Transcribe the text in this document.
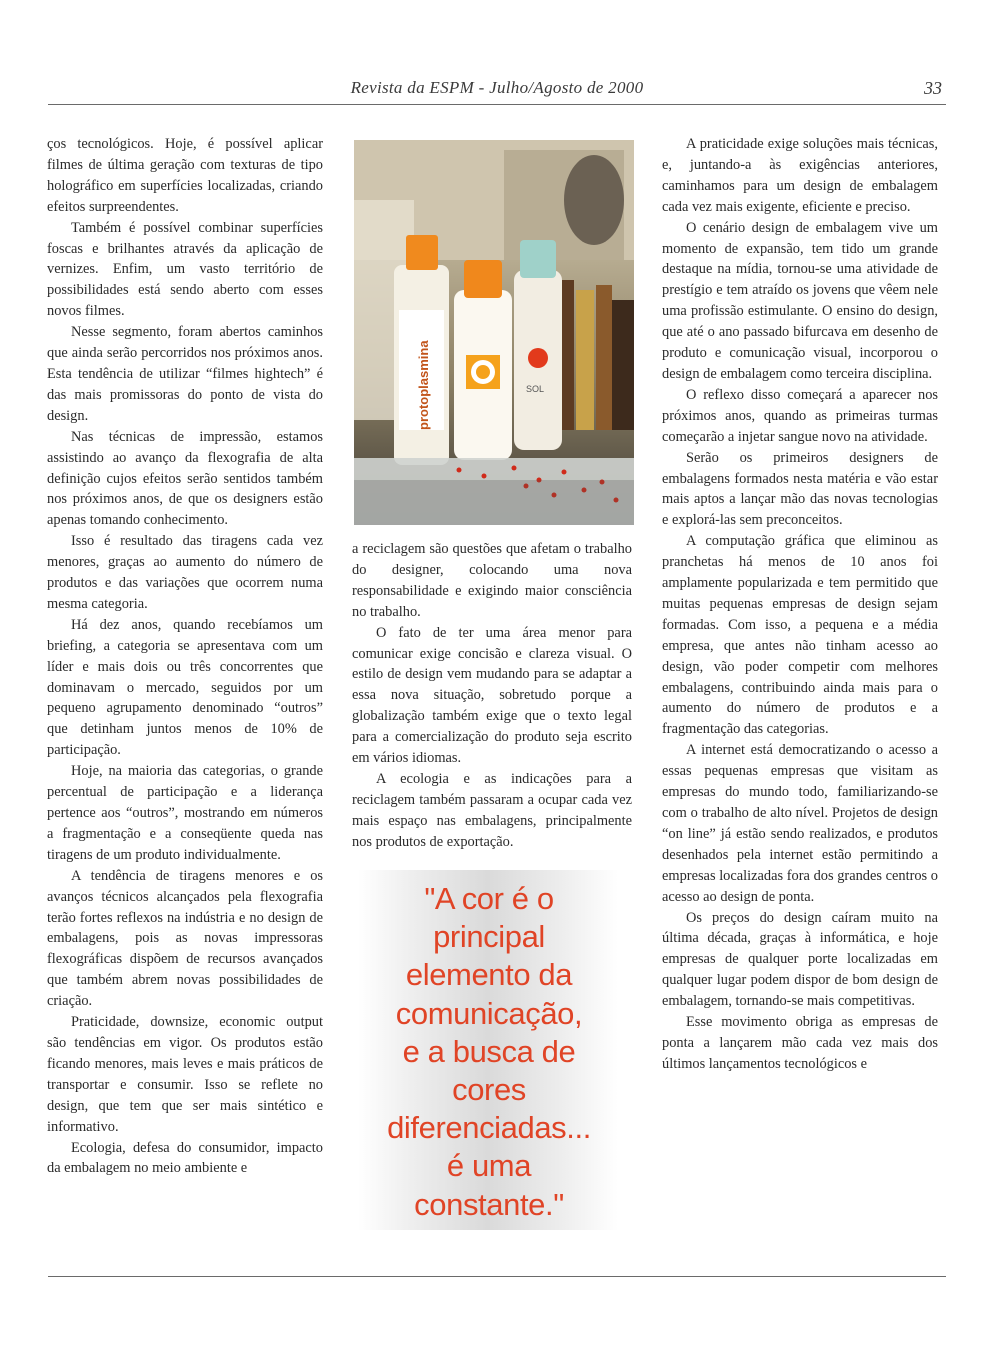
Revista da ESPM - Julho/Agosto de 2000	33

ços tecnológicos. Hoje, é possível aplicar filmes de última geração com texturas de tipo holográfico em superfícies localizadas, criando efeitos surpreendentes.

Também é possível combinar superfícies foscas e brilhantes através da aplicação de vernizes. Enfim, um vasto território de possibilidades está sendo aberto com esses novos filmes.

Nesse segmento, foram abertos caminhos que ainda serão percorridos nos próximos anos. Esta tendência de utilizar “filmes hightech” é das mais promissoras do ponto de vista do design.

Nas técnicas de impressão, estamos assistindo ao avanço da flexografia de alta definição cujos efeitos serão sentidos também nos próximos anos, de que os designers estão apenas tomando conhecimento.

Isso é resultado das tiragens cada vez menores, graças ao aumento do número de produtos e das variações que ocorrem numa mesma categoria.

Há dez anos, quando recebíamos um briefing, a categoria se apresentava com um líder e mais dois ou três concorrentes que dominavam o mercado, seguidos por um pequeno agrupamento denominado “outros” que detinham juntos menos de 10% de participação.

Hoje, na maioria das categorias, o grande percentual de participação e a liderança pertence aos “outros”, mostrando em números a fragmentação e a conseqüente queda nas tiragens de um produto individualmente.

A tendência de tiragens menores e os avanços técnicos alcançados pela flexografia terão fortes reflexos na indústria e no design de embalagens, pois as novas impressoras flexográficas dispõem de recursos avançados que também abrem novas possibilidades de criação.

Praticidade, downsize, economic output são tendências em vigor. Os produtos estão ficando menores, mais leves e mais práticos de transportar e consumir. Isso se reflete no design, que tem que ser mais sintético e informativo.

Ecologia, defesa do consumidor, impacto da embalagem no meio ambiente e

protoplasmina	SOL

a reciclagem são questões que afetam o trabalho do designer, colocando uma nova responsabilidade e exigindo maior consciência no trabalho.

O fato de ter uma área menor para comunicar exige concisão e clareza visual. O estilo de design vem mudando para se adaptar a essa nova situação, sobretudo porque a globalização também exige que o texto legal para a comercialização do produto seja escrito em vários idiomas.

A ecologia e as indicações para a reciclagem também passaram a ocupar cada vez mais espaço nas embalagens, principalmente nos produtos de exportação.

"A cor é o
principal
elemento da
comunicação,
e a busca de
cores
diferenciadas...
é uma
constante."

A praticidade exige soluções mais técnicas, e, juntando-a às exigências anteriores, caminhamos para um design de embalagem cada vez mais exigente, eficiente e preciso.

O cenário design de embalagem vive um momento de expansão, tem tido um grande destaque na mídia, tornou-se uma atividade de prestígio e tem atraído os jovens que vêem nele uma profissão estimulante. O ensino do design, que até o ano passado bifurcava em desenho de produto e comunicação visual, incorporou o design de embalagem como terceira disciplina.

O reflexo disso começará a aparecer nos próximos anos, quando as primeiras turmas começarão a injetar sangue novo na atividade.

Serão os primeiros designers de embalagens formados nesta matéria e vão estar mais aptos a lançar mão das novas tecnologias e explorá-las sem preconceitos.

A computação gráfica que eliminou as pranchetas há menos de 10 anos foi amplamente popularizada e tem permitido que muitas pequenas empresas de design sejam formadas. Com isso, a pequena e a média empresa, que antes não tinham acesso ao design, vão poder competir com melhores embalagens, contribuindo ainda mais para o aumento do número de produtos e a fragmentação das categorias.

A internet está democratizando o acesso a essas pequenas empresas que visitam as empresas do mundo todo, familiarizando-se com o trabalho de alto nível. Projetos de design “on line” já estão sendo realizados, e produtos desenhados pela internet estão permitindo a empresas localizadas fora dos grandes centros o acesso ao design de ponta.

Os preços do design caíram muito na última década, graças à informática, e hoje empresas de qualquer porte localizadas em qualquer lugar podem dispor de bom design de embalagem, tornando-se mais competitivas.

Esse movimento obriga as empresas de ponta a lançarem mão cada vez mais dos últimos lançamentos tecnológicos e
